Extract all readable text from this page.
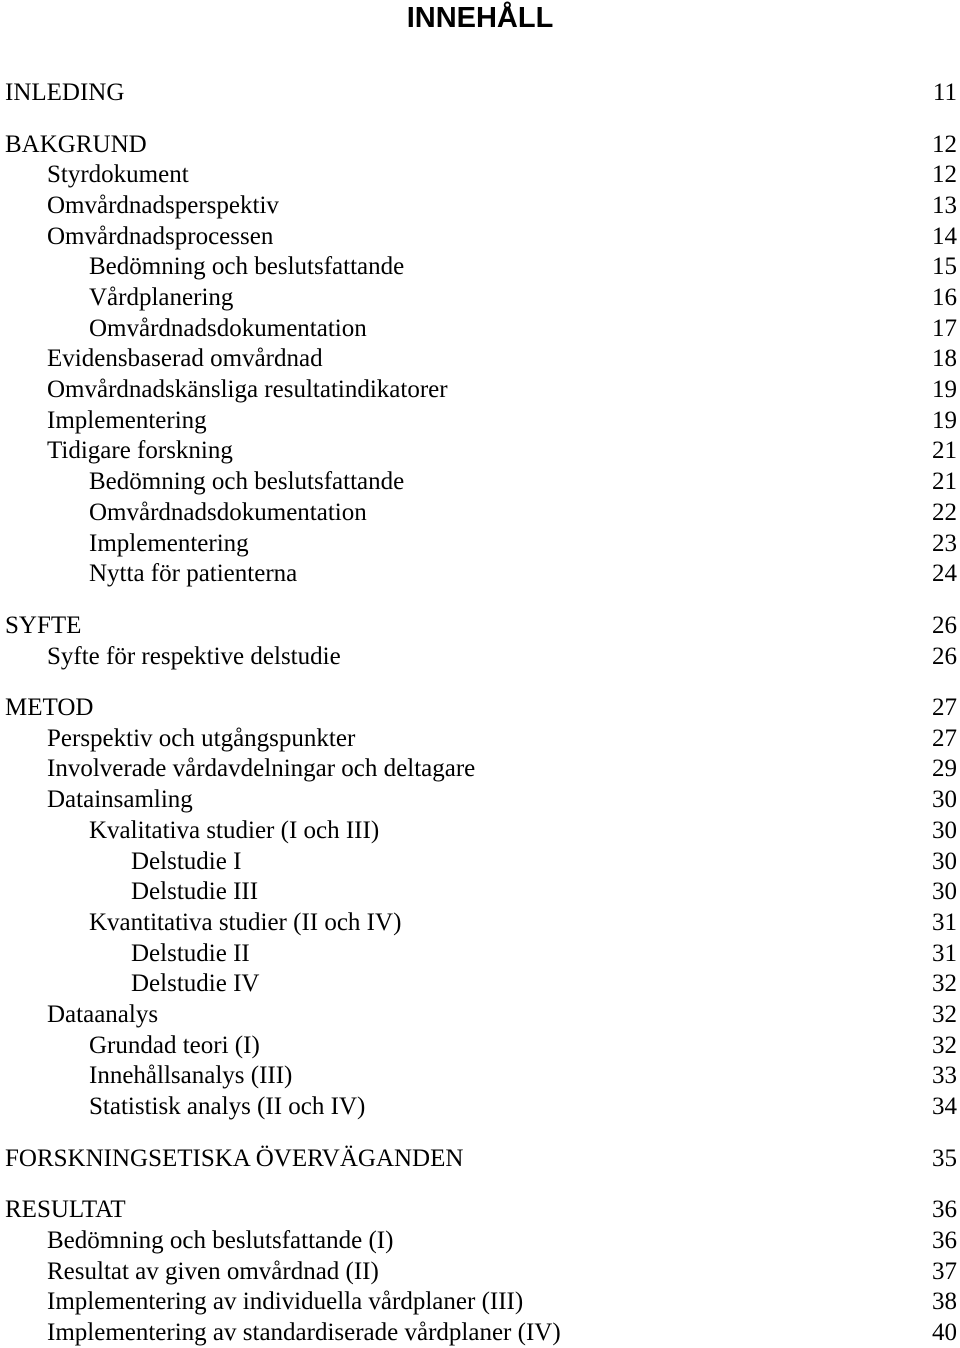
INNEHÅLL
INLEDING	11
BAKGRUND	12
Styrdokument	12
Omvårdnadsperspektiv	13
Omvårdnadsprocessen	14
Bedömning och beslutsfattande	15
Vårdplanering	16
Omvårdnadsdokumentation	17
Evidensbaserad omvårdnad	18
Omvårdnadskänsliga resultatindikatorer	19
Implementering	19
Tidigare forskning	21
Bedömning och beslutsfattande	21
Omvårdnadsdokumentation	22
Implementering	23
Nytta för patienterna	24
SYFTE	26
Syfte för respektive delstudie	26
METOD	27
Perspektiv och utgångspunkter	27
Involverade vårdavdelningar och deltagare	29
Datainsamling	30
Kvalitativa studier (I och III)	30
Delstudie I	30
Delstudie III	30
Kvantitativa studier (II och IV)	31
Delstudie II	31
Delstudie IV	32
Dataanalys	32
Grundad teori (I)	32
Innehållsanalys (III)	33
Statistisk analys (II och IV)	34
FORSKNINGSETISKA ÖVERVÄGANDEN	35
RESULTAT	36
Bedömning och beslutsfattande (I)	36
Resultat av given omvårdnad (II)	37
Implementering av individuella vårdplaner (III)	38
Implementering av standardiserade vårdplaner (IV)	40
